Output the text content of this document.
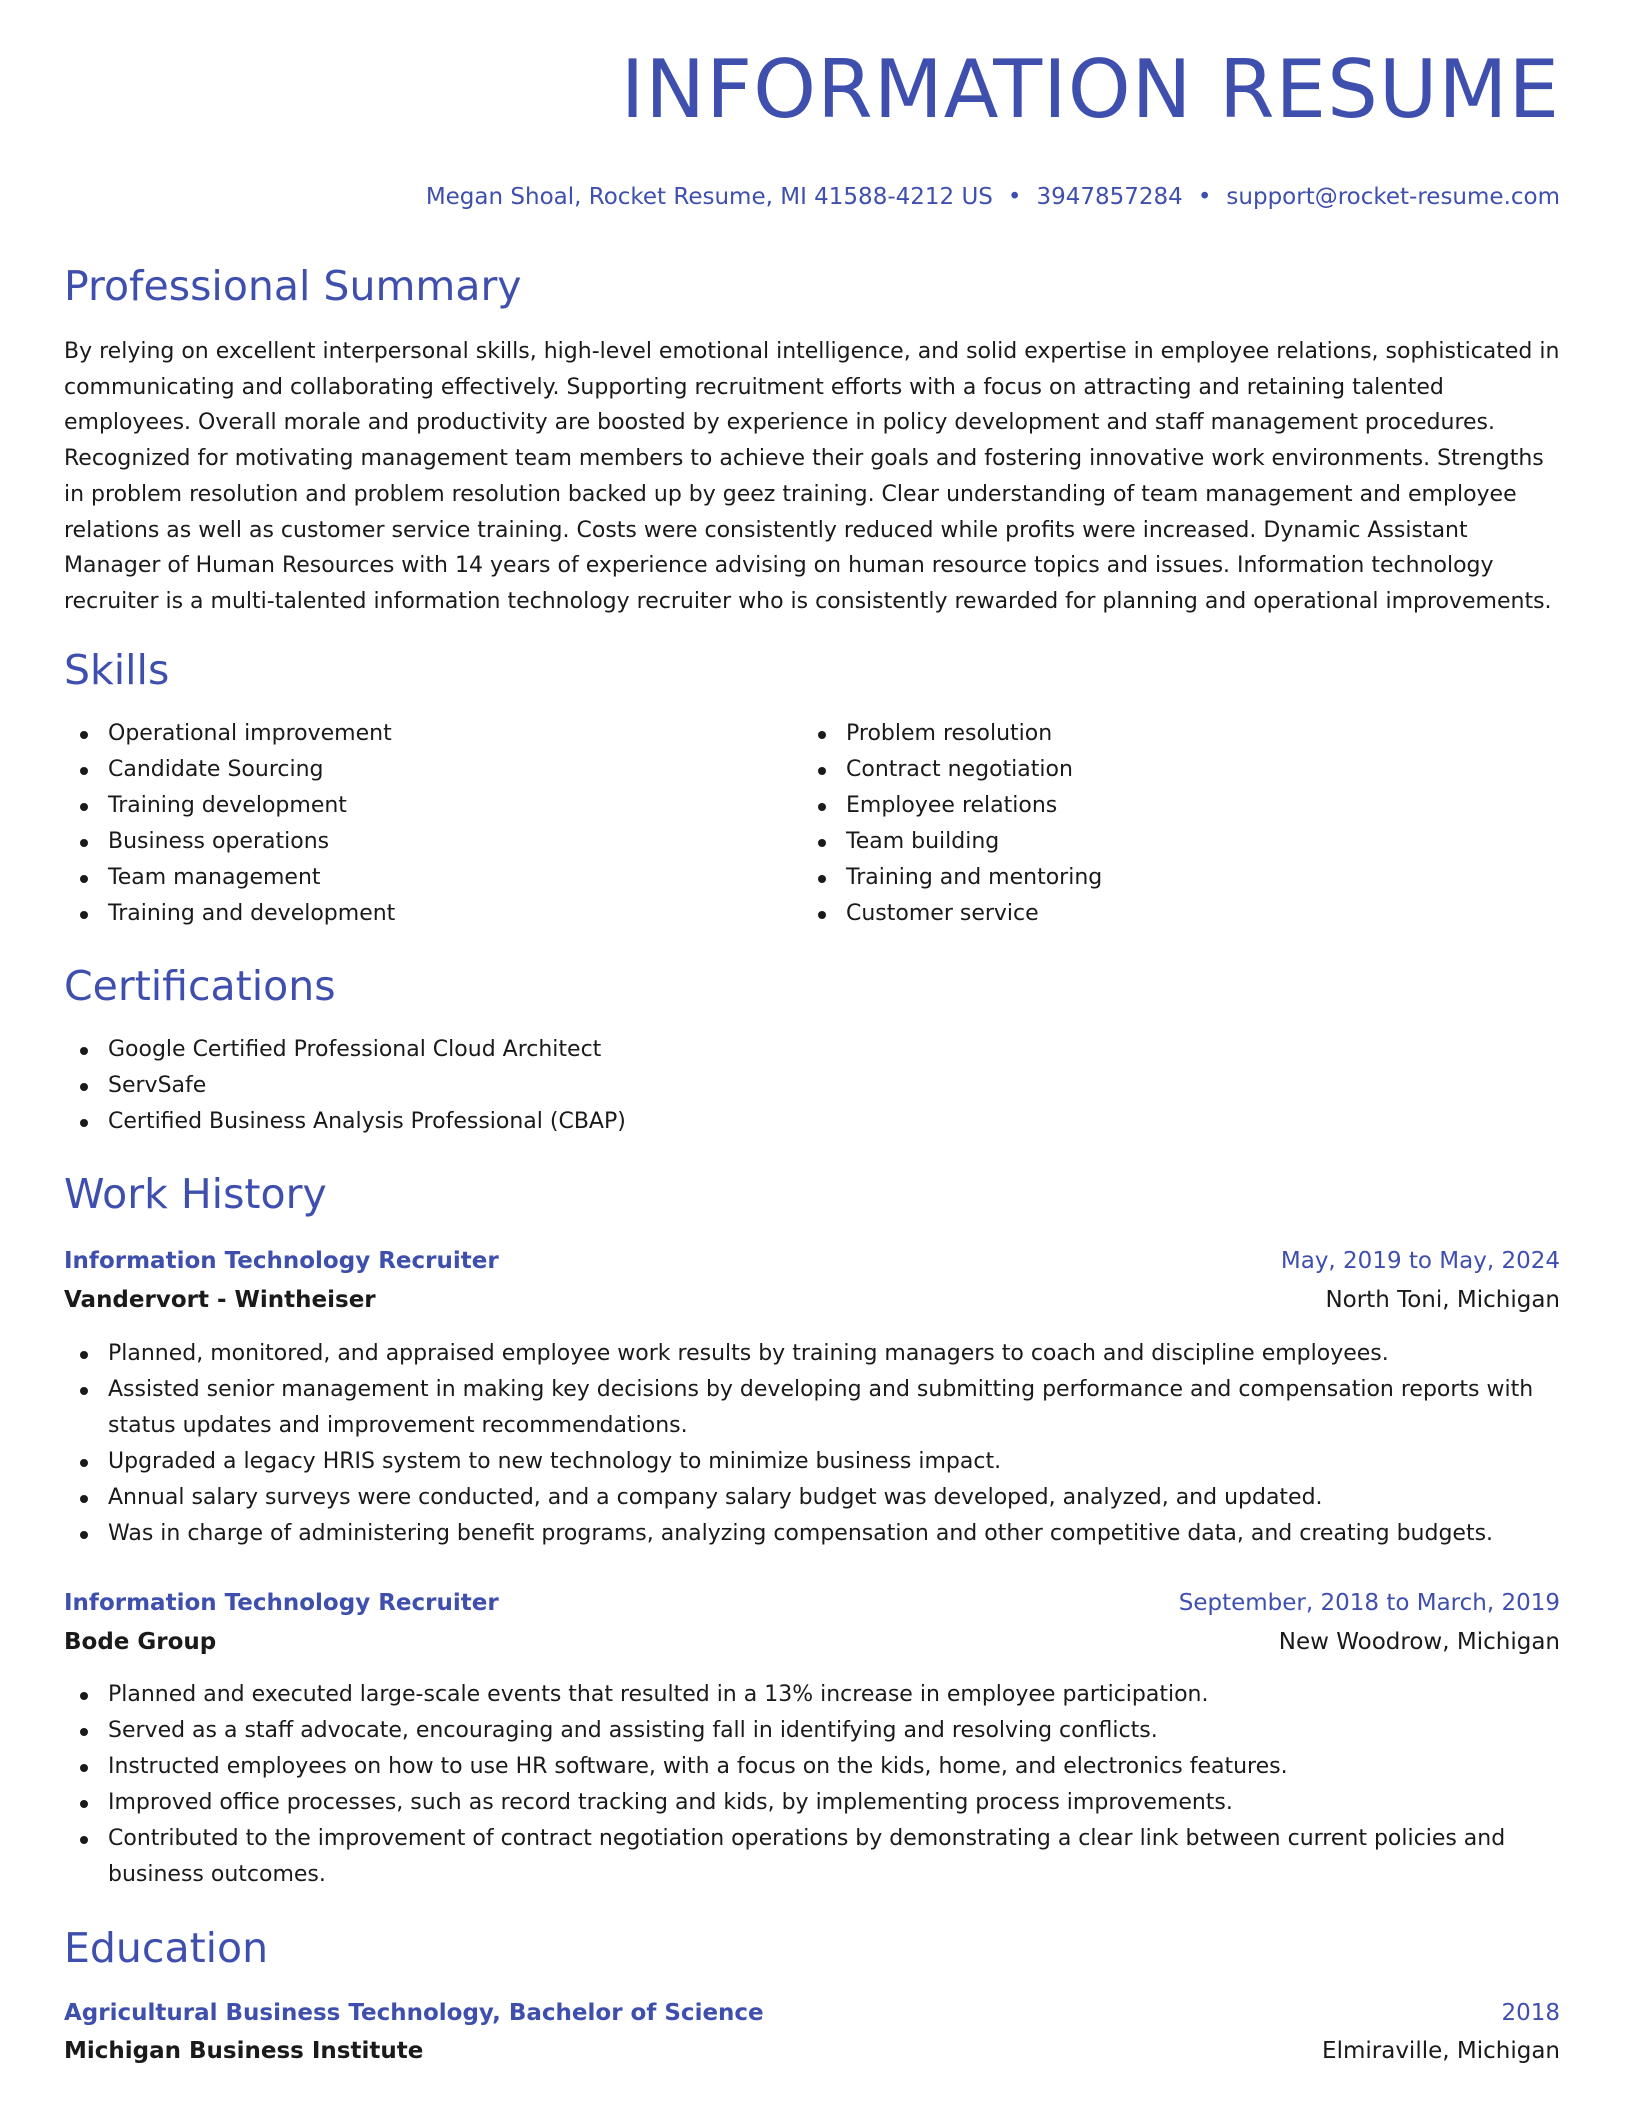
INFORMATION RESUME
Megan Shoal, Rocket Resume, MI 41588-4212 US • 3947857284 • support@rocket-resume.com
Professional Summary

By relying on excellent interpersonal skills, high-level emotional intelligence, and solid expertise in employee relations, sophisticated in communicating and collaborating effectively. Supporting recruitment efforts with a focus on attracting and retaining talented employees. Overall morale and productivity are boosted by experience in policy development and staff management procedures. Recognized for motivating management team members to achieve their goals and fostering innovative work environments. Strengths in problem resolution and problem resolution backed up by geez training. Clear understanding of team management and employee relations as well as customer service training. Costs were consistently reduced while profits were increased. Dynamic Assistant Manager of Human Resources with 14 years of experience advising on human resource topics and issues. Information technology recruiter is a multi-talented information technology recruiter who is consistently rewarded for planning and operational improvements.

Skills
Operational improvement
Candidate Sourcing
Training development
Business operations
Team management
Training and development
Problem resolution
Contract negotiation
Employee relations
Team building
Training and mentoring
Customer service
Certifications
Google Certified Professional Cloud Architect
ServSafe
Certified Business Analysis Professional (CBAP)
Work History
Information Technology Recruiter	May, 2019 to May, 2024
Vandervort - Wintheiser	North Toni, Michigan
Planned, monitored, and appraised employee work results by training managers to coach and discipline employees.
Assisted senior management in making key decisions by developing and submitting performance and compensation reports with status updates and improvement recommendations.
Upgraded a legacy HRIS system to new technology to minimize business impact.
Annual salary surveys were conducted, and a company salary budget was developed, analyzed, and updated.
Was in charge of administering benefit programs, analyzing compensation and other competitive data, and creating budgets.
Information Technology Recruiter	September, 2018 to March, 2019
Bode Group	New Woodrow, Michigan
Planned and executed large-scale events that resulted in a 13% increase in employee participation.
Served as a staff advocate, encouraging and assisting fall in identifying and resolving conflicts.
Instructed employees on how to use HR software, with a focus on the kids, home, and electronics features.
Improved office processes, such as record tracking and kids, by implementing process improvements.
Contributed to the improvement of contract negotiation operations by demonstrating a clear link between current policies and business outcomes.
Education
Agricultural Business Technology, Bachelor of Science	2018
Michigan Business Institute	Elmiraville, Michigan
